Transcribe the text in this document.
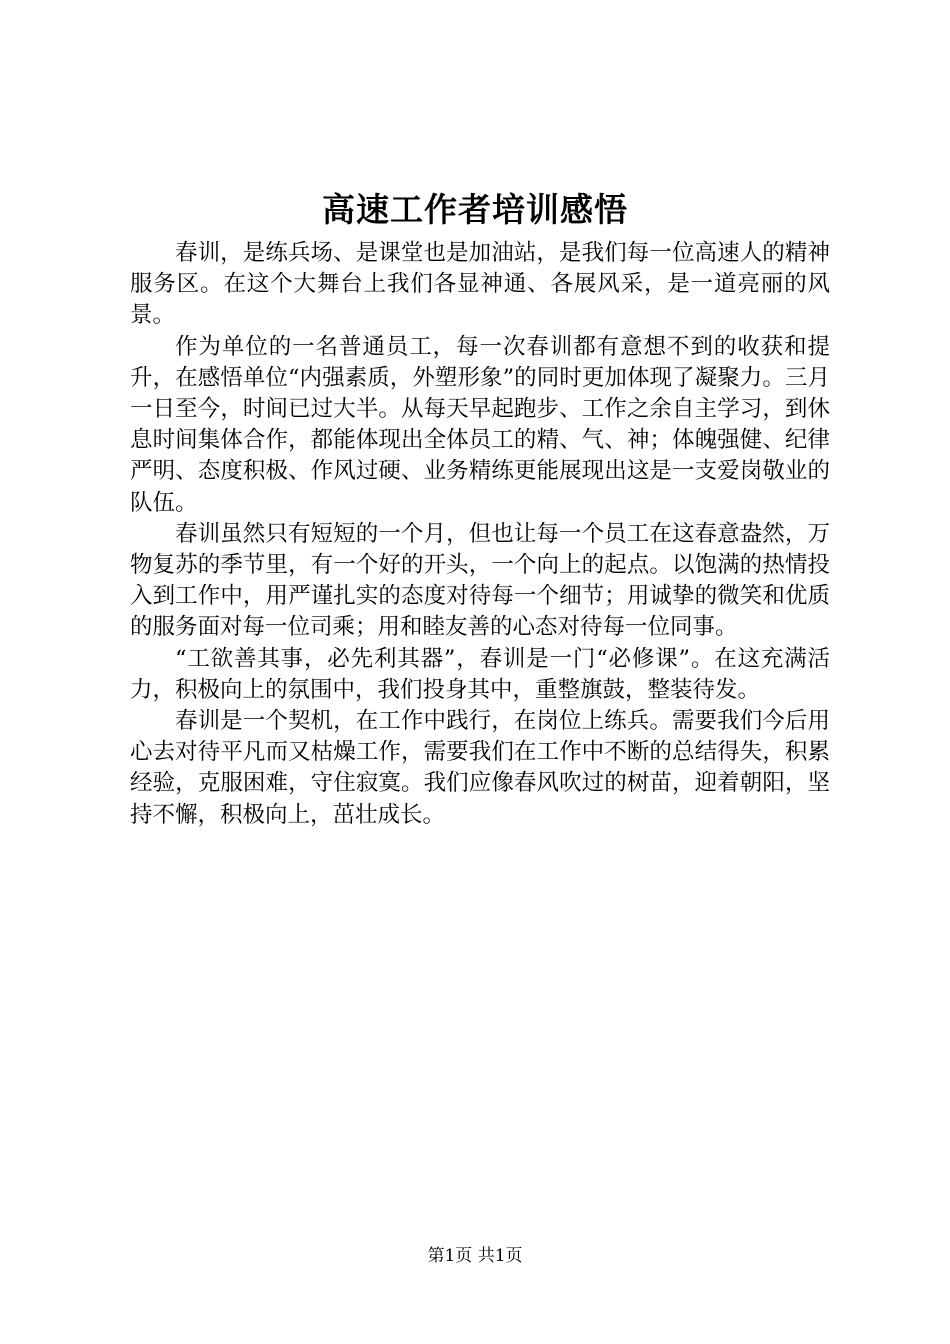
高速工作者培训感悟

春训，是练兵场、是课堂也是加油站，是我们每一位高速人的精神服务区。在这个大舞台上我们各显神通、各展风采，是一道亮丽的风景。

作为单位的一名普通员工，每一次春训都有意想不到的收获和提升，在感悟单位“内强素质，外塑形象”的同时更加体现了凝聚力。三月一日至今，时间已过大半。从每天早起跑步、工作之余自主学习，到休息时间集体合作，都能体现出全体员工的精、气、神；体魄强健、纪律严明、态度积极、作风过硬、业务精练更能展现出这是一支爱岗敬业的队伍。

春训虽然只有短短的一个月，但也让每一个员工在这春意盎然，万物复苏的季节里，有一个好的开头，一个向上的起点。以饱满的热情投入到工作中，用严谨扎实的态度对待每一个细节；用诚挚的微笑和优质的服务面对每一位司乘；用和睦友善的心态对待每一位同事。

“工欲善其事，必先利其器”，春训是一门“必修课”。在这充满活力，积极向上的氛围中，我们投身其中，重整旗鼓，整装待发。

春训是一个契机，在工作中践行，在岗位上练兵。需要我们今后用心去对待平凡而又枯燥工作，需要我们在工作中不断的总结得失，积累经验，克服困难，守住寂寞。我们应像春风吹过的树苗，迎着朝阳，坚持不懈，积极向上，茁壮成长。

第1页 共1页
